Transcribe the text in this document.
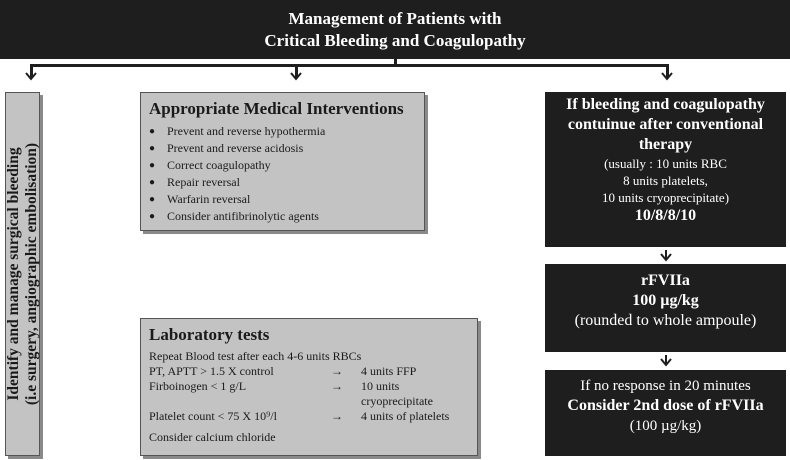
Management of Patients with
Critical Bleeding and Coagulopathy
Identify and manage surgical bleeding (i.e surgery, angiographic embolisation)
Appropriate Medical Interventions
● Prevent and reverse hypothermia
● Prevent and reverse acidosis
● Correct coagulopathy
● Repair reversal
● Warfarin reversal
● Consider antifibrinolytic agents
Laboratory tests
Repeat Blood test after each 4-6 units RBCs
PT, APTT > 1.5 X control	→	4 units FFP
Firboinogen < 1 g/L	→	10 units cryoprecipitate
Platelet count < 75 X 10⁹/l	→	4 units of platelets
Consider calcium chloride
If bleeding and coagulopathy
contuinue after conventional
therapy
(usually : 10 units RBC
8 units platelets,
10 units cryoprecipitate)
10/8/8/10
rFVIIa
100 µg/kg
(rounded to whole ampoule)
If no response in 20 minutes
Consider 2nd dose of rFVIIa
(100 µg/kg)
